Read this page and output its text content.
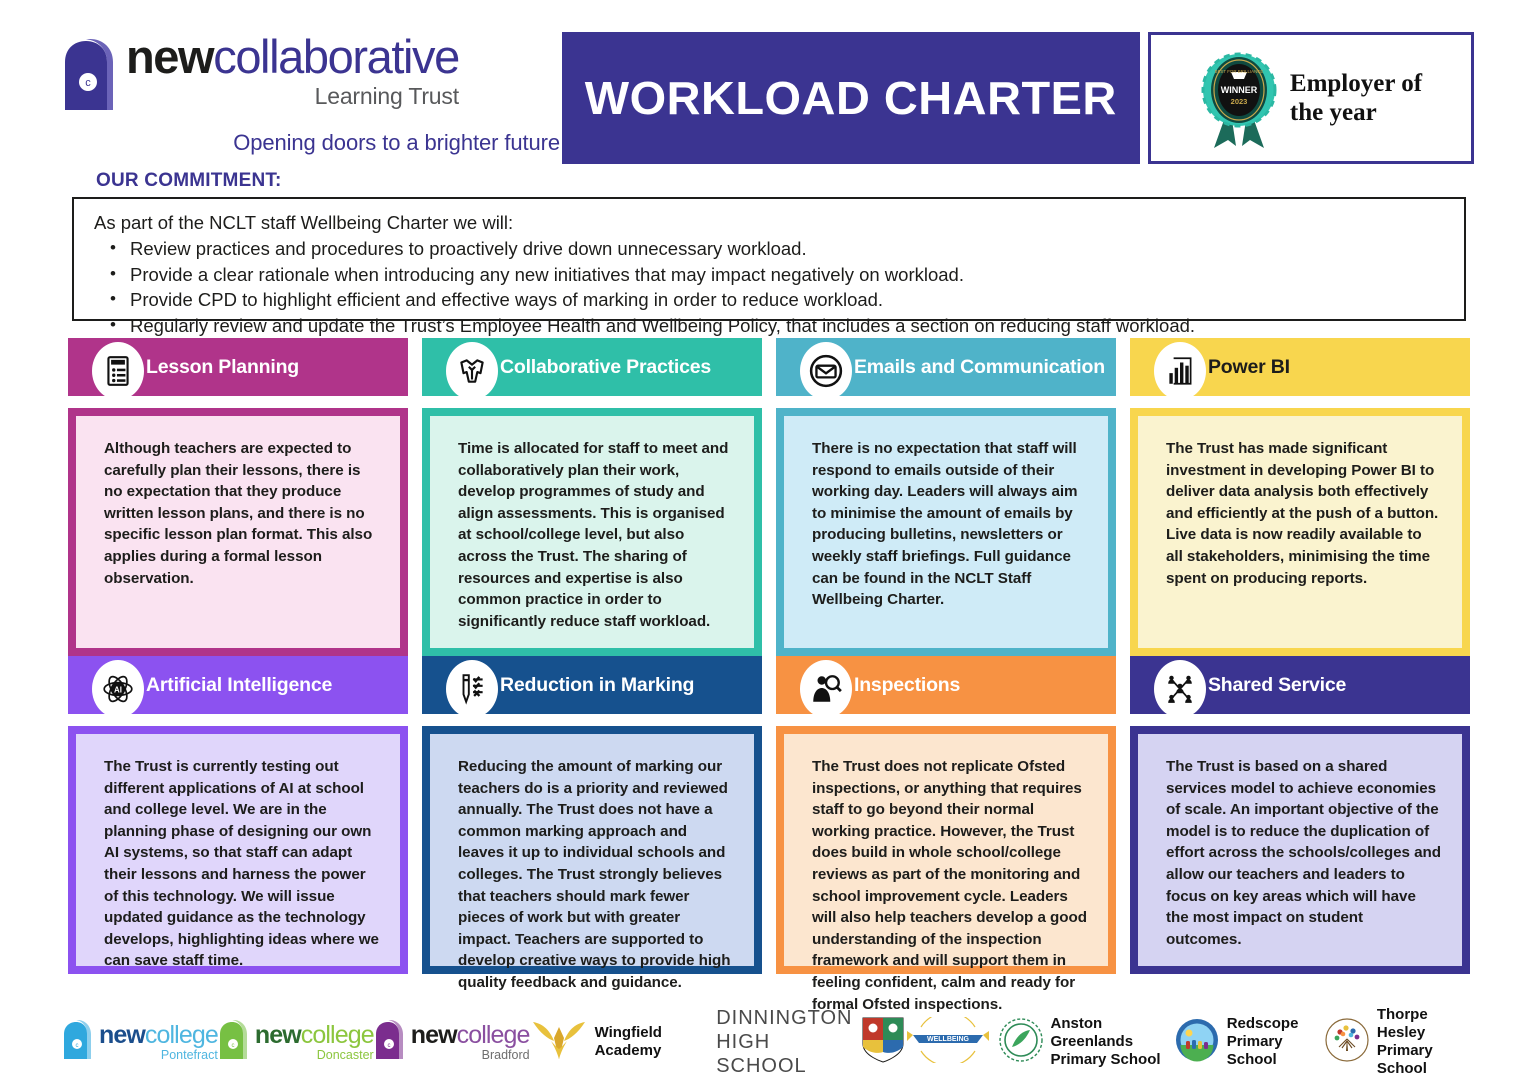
c newcollaborative
Learning Trust
Opening doors to a brighter future
WORKLOAD CHARTER
BEST FOR BRILLIANCE
WINNER
2023
Employer of
the year
OUR COMMITMENT:
As part of the NCLT staff Wellbeing Charter we will:
• Review practices and procedures to proactively drive down unnecessary workload.
• Provide a clear rationale when introducing any new initiatives that may impact negatively on workload.
• Provide CPD to highlight efficient and effective ways of marking in order to reduce workload.
• Regularly review and update the Trust’s Employee Health and Wellbeing Policy, that includes a section on reducing staff workload.
Lesson Planning

Although teachers are expected to carefully plan their lessons, there is no expectation that they produce written lesson plans, and there is no specific lesson plan format. This also applies during a formal lesson observation.

Collaborative Practices

Time is allocated for staff to meet and collaboratively plan their work, develop programmes of study and align assessments. This is organised at school/college level, but also across the Trust. The sharing of resources and expertise is also common practice in order to significantly reduce staff workload.

Emails and Communication

There is no expectation that staff will respond to emails outside of their working day. Leaders will always aim to minimise the amount of emails by producing bulletins, newsletters or weekly staff briefings. Full guidance can be found in the NCLT Staff Wellbeing Charter.

Power BI

The Trust has made significant investment in developing Power BI to deliver data analysis both effectively and efficiently at the push of a button. Live data is now readily available to all stakeholders, minimising the time spent on producing reports.

AI Artificial Intelligence

The Trust is currently testing out different applications of AI at school and college level. We are in the planning phase of designing our own AI systems, so that staff can adapt their lessons and harness the power of this technology. We will issue updated guidance as the technology develops, highlighting ideas where we can save staff time.

Reduction in Marking

Reducing the amount of marking our teachers do is a priority and reviewed annually. The Trust does not have a common marking approach and leaves it up to individual schools and colleges. The Trust strongly believes that teachers should mark fewer pieces of work but with greater impact. Teachers are supported to develop creative ways to provide high quality feedback and guidance.

Inspections

The Trust does not replicate Ofsted inspections, or anything that requires staff to go beyond their normal working practice. However, the Trust does build in whole school/college reviews as part of the monitoring and school improvement cycle. Leaders will also help teachers develop a good understanding of the inspection framework and will support them in feeling confident, calm and ready for formal Ofsted inspections.

Shared Service

The Trust is based on a shared services model to achieve economies of scale. An important objective of the model is to reduce the duplication of effort across the schools/colleges and allow our teachers and leaders to focus on key areas which will have the most impact on student outcomes.

c newcollege
Pontefract
c newcollege
Doncaster
c newcollege
Bradford
Wingfield Academy
DINNINGTON
HIGH SCHOOL
WELLBEING
Anston Greenlands
Primary School
Redscope
Primary School
Thorpe Hesley
Primary School
